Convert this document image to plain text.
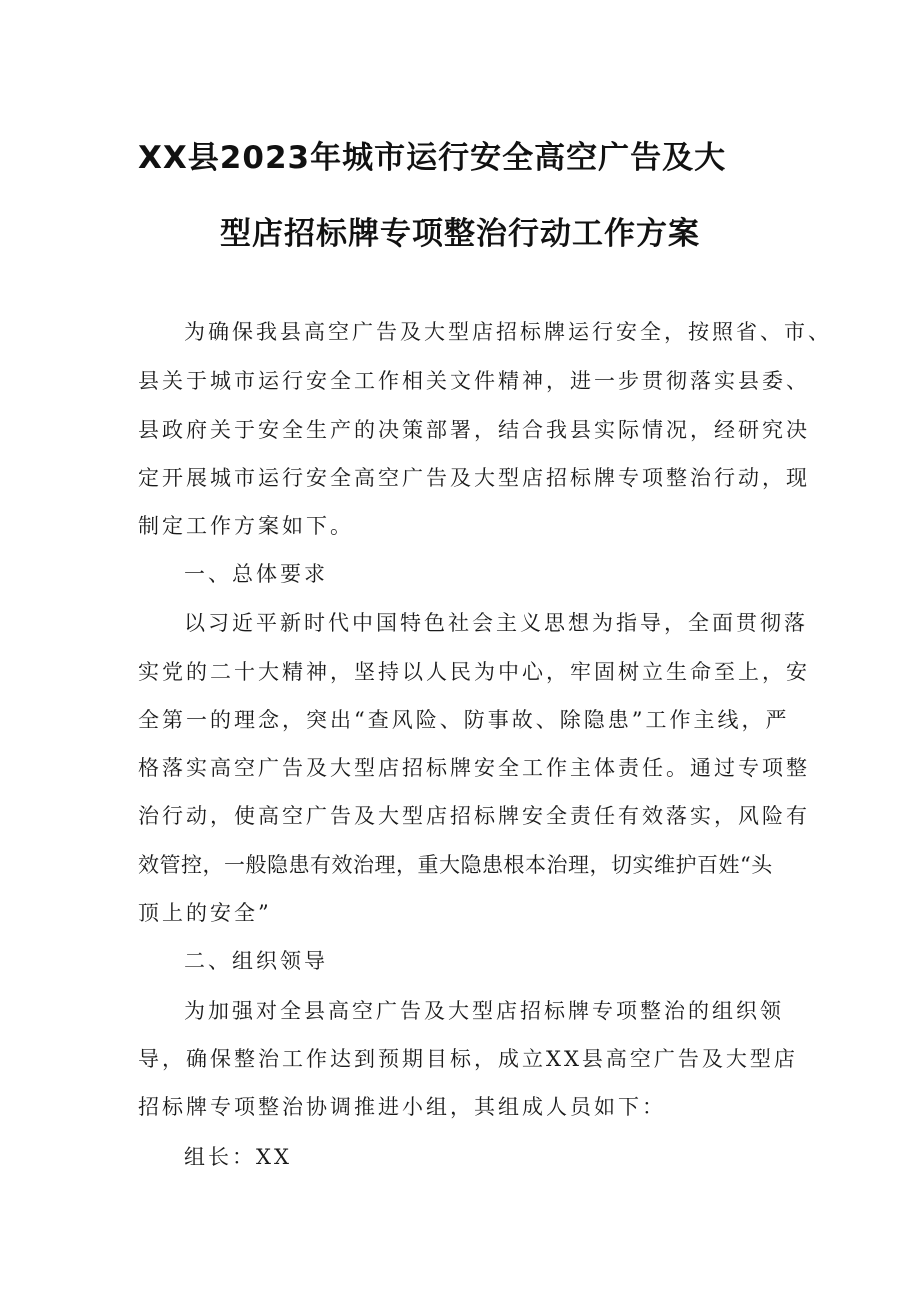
XX县2023年城市运行安全高空广告及大
型店招标牌专项整治行动工作方案
为确保我县高空广告及大型店招标牌运行安全，按照省、市、
县关于城市运行安全工作相关文件精神，进一步贯彻落实县委、
县政府关于安全生产的决策部署，结合我县实际情况，经研究决
定开展城市运行安全高空广告及大型店招标牌专项整治行动，现
制定工作方案如下。
一、总体要求
以习近平新时代中国特色社会主义思想为指导，全面贯彻落
实党的二十大精神，坚持以人民为中心，牢固树立生命至上，安
全第一的理念，突出“查风险、防事故、除隐患”工作主线，严
格落实高空广告及大型店招标牌安全工作主体责任。通过专项整
治行动，使高空广告及大型店招标牌安全责任有效落实，风险有
效管控，一般隐患有效治理，重大隐患根本治理，切实维护百姓“头
顶上的安全”
二、组织领导
为加强对全县高空广告及大型店招标牌专项整治的组织领
导，确保整治工作达到预期目标，成立XX县高空广告及大型店
招标牌专项整治协调推进小组，其组成人员如下：
组长：XX
